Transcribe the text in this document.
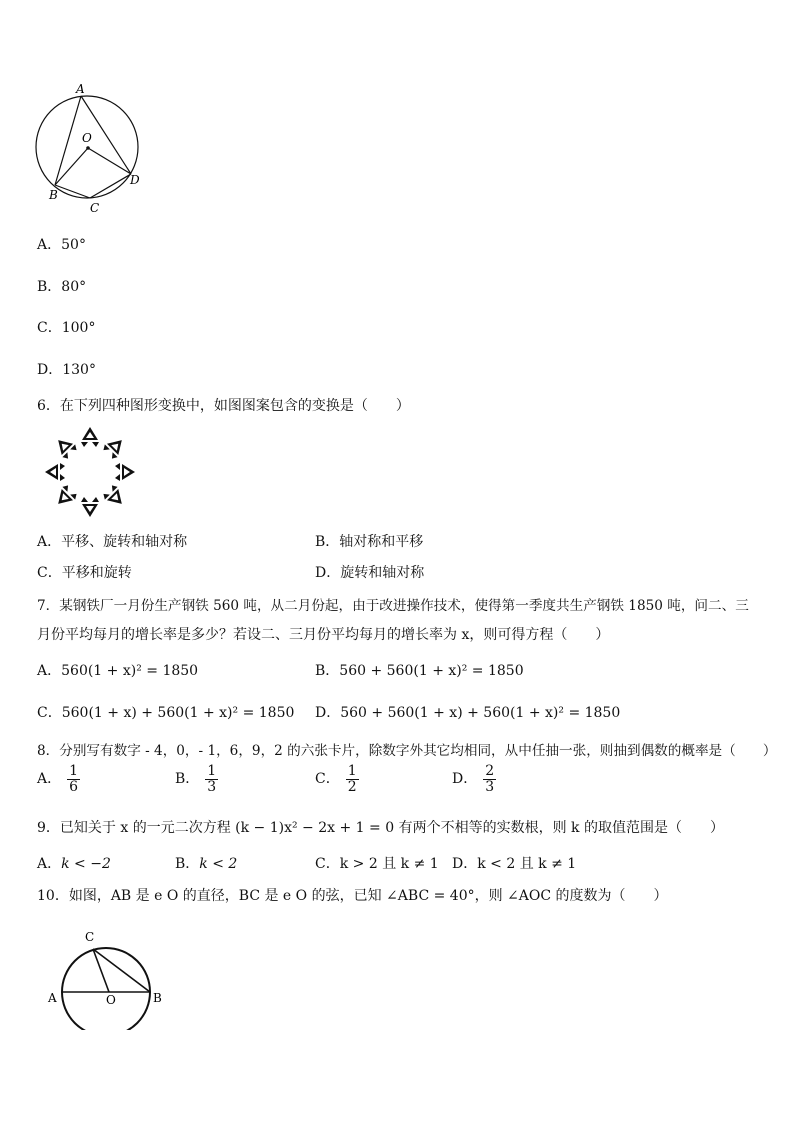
A
O
B
C
D
A．50°
B．80°
C．100°
D．130°
6．在下列四种图形变换中，如图图案包含的变换是（　　）
A．平移、旋转和轴对称	B．轴对称和平移
C．平移和旋转	D．旋转和轴对称
7．某钢铁厂一月份生产钢铁 560 吨，从二月份起，由于改进操作技术，使得第一季度共生产钢铁 1850 吨，问二、三
月份平均每月的增长率是多少？若设二、三月份平均每月的增长率为 x，则可得方程（　　）
A．560(1 + x)² = 1850	B．560 + 560(1 + x)² = 1850
C．560(1 + x) + 560(1 + x)² = 1850 D．560 + 560(1 + x) + 560(1 + x)² = 1850
8．分别写有数字 - 4，0，- 1，6，9，2 的六张卡片，除数字外其它均相同，从中任抽一张，则抽到偶数的概率是（　　）
A． $\frac{1}{6}$	B． $\frac{1}{3}$	C． $\frac{1}{2}$	D． $\frac{2}{3}$
9．已知关于 x 的一元二次方程 (k − 1)x² − 2x + 1 = 0 有两个不相等的实数根，则 k 的取值范围是（　　）
A．k < −2	B．k < 2	C．k > 2 且 k ≠ 1 D．k < 2 且 k ≠ 1
10．如图，AB 是 e O 的直径，BC 是 e O 的弦，已知 ∠ABC = 40°，则 ∠AOC 的度数为（　　）
C
A	O	B
